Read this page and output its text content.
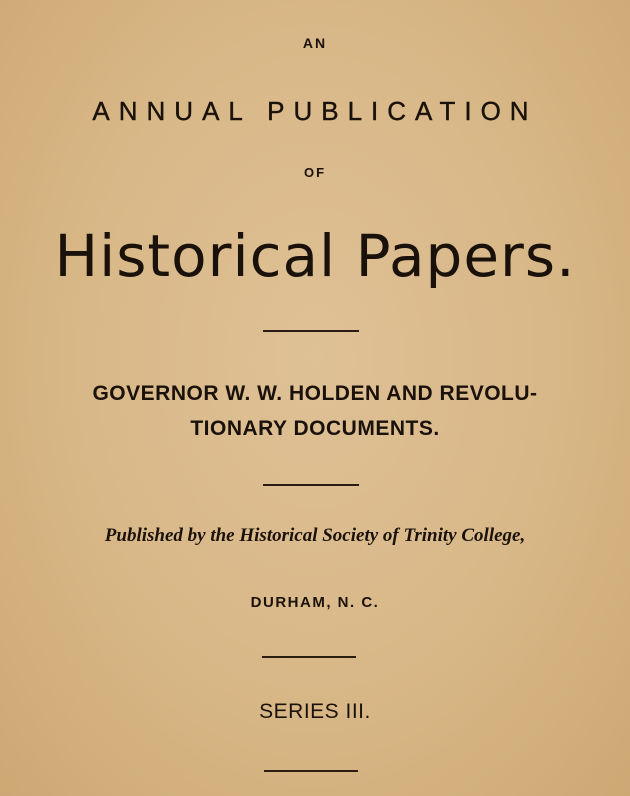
AN
ANNUAL PUBLICATION
OF
Historical Papers.
GOVERNOR W. W. HOLDEN AND REVOLU-
TIONARY DOCUMENTS.
Published by the Historical Society of Trinity College,
DURHAM, N. C.
SERIES III.
